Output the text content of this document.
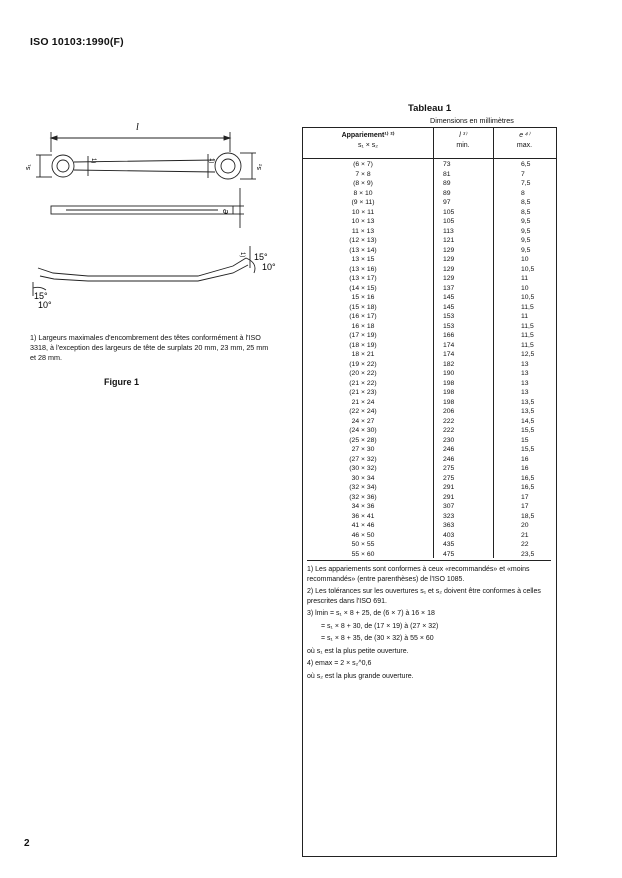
ISO 10103:1990(F)
l
s₁	s₂
1)	1)
e
1) 15°
10°
15°
10°
1) Largeurs maximales d'encombrement des têtes conformément à l'ISO 3318, à l'exception des largeurs de tête de surplats 20 mm, 23 mm, 25 mm et 28 mm.
Figure 1
Tableau 1
Dimensions en millimètres
Appariement¹⁾ ²⁾
s₁ × s₂
l ³⁾
min.
e ⁴⁾
max.
(6 × 7)	73	6,5
7 × 8	81	7
(8 × 9)	89	7,5
8 × 10	89	8
(9 × 11)	97	8,5
10 × 11	105	8,5
10 × 13	105	9,5
11 × 13	113	9,5
(12 × 13)	121	9,5
(13 × 14)	129	9,5
13 × 15	129	10
(13 × 16)	129	10,5
(13 × 17)	129	11
(14 × 15)	137	10
15 × 16	145	10,5
(15 × 18)	145	11,5
(16 × 17)	153	11
16 × 18	153	11,5
(17 × 19)	166	11,5
(18 × 19)	174	11,5
18 × 21	174	12,5
(19 × 22)	182	13
(20 × 22)	190	13
(21 × 22)	198	13
(21 × 23)	198	13
21 × 24	198	13,5
(22 × 24)	206	13,5
24 × 27	222	14,5
(24 × 30)	222	15,5
(25 × 28)	230	15
27 × 30	246	15,5
(27 × 32)	246	16
(30 × 32)	275	16
30 × 34	275	16,5
(32 × 34)	291	16,5
(32 × 36)	291	17
34 × 36	307	17
36 × 41	323	18,5
41 × 46	363	20
46 × 50	403	21
50 × 55	435	22
55 × 60	475	23,5

1) Les appariements sont conformes à ceux «recommandés» et «moins recommandés» (entre parenthèses) de l'ISO 1085.

2) Les tolérances sur les ouvertures s₁ et s₂ doivent être conformes à celles prescrites dans l'ISO 691.

3) lmin = s₁ × 8 + 25, de (6 × 7) à 16 × 18

= s₁ × 8 + 30, de (17 × 19) à (27 × 32)

= s₁ × 8 + 35, de (30 × 32) à 55 × 60

où s₁ est la plus petite ouverture.

4) emax = 2 × s₂^0,6

où s₂ est la plus grande ouverture.

2
